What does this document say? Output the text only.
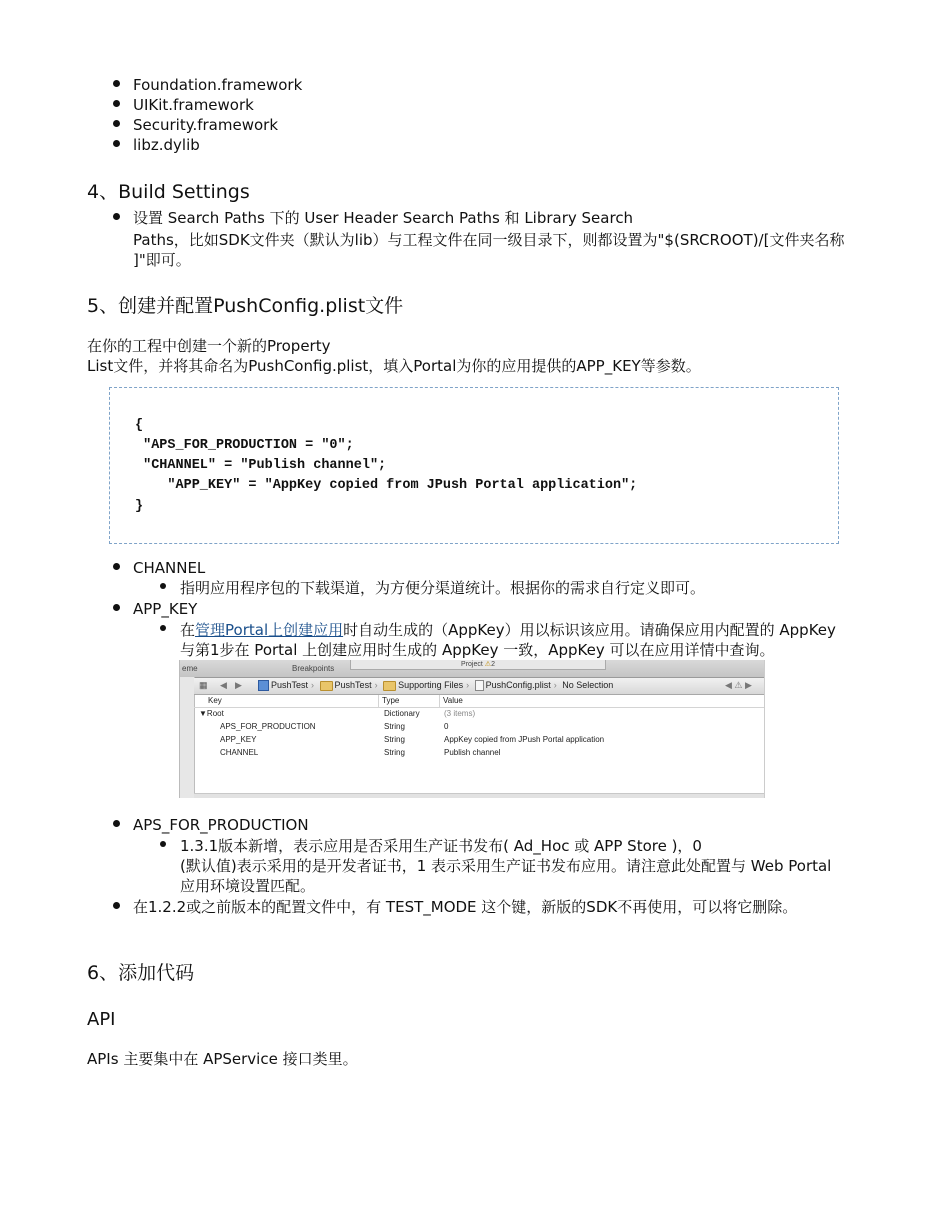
Foundation.framework
UIKit.framework
Security.framework
libz.dylib
4、Build Settings
设置 Search Paths 下的 User Header Search Paths 和 Library Search
Paths，比如SDK文件夹（默认为lib）与工程文件在同一级目录下，则都设置为"$(SRCROOT)/[文件夹名称
]"即可。
5、创建并配置PushConfig.plist文件
在你的工程中创建一个新的Property
List文件，并将其命名为PushConfig.plist，填入Portal为你的应用提供的APP_KEY等参数。
{
"APS_FOR_PRODUCTION = "0";
"CHANNEL" = "Publish channel";
"APP_KEY" = "AppKey copied from JPush Portal application";
}
CHANNEL
指明应用程序包的下载渠道，为方便分渠道统计。根据你的需求自行定义即可。
APP_KEY
在管理Portal上创建应用时自动生成的（AppKey）用以标识该应用。请确保应用内配置的 AppKey
与第1步在 Portal 上创建应用时生成的 AppKey 一致，AppKey 可以在应用详情中查询。
eme	Breakpoints	Project ⚠2
▦ ◀ ▶	PushTest › PushTest › Supporting Files › PushConfig.plist › No Selection	◀ ⚠ ▶
Key	Type	Value
▼Root	Dictionary	(3 items)
APS_FOR_PRODUCTION	String	0
APP_KEY	String	AppKey copied from JPush Portal application
CHANNEL	String	Publish channel
APS_FOR_PRODUCTION
1.3.1版本新增，表示应用是否采用生产证书发布( Ad_Hoc 或 APP Store )，0
(默认值)表示采用的是开发者证书，1 表示采用生产证书发布应用。请注意此处配置与 Web Portal
应用环境设置匹配。
在1.2.2或之前版本的配置文件中，有 TEST_MODE 这个键，新版的SDK不再使用，可以将它删除。
6、添加代码
API
APIs 主要集中在 APService 接口类里。
